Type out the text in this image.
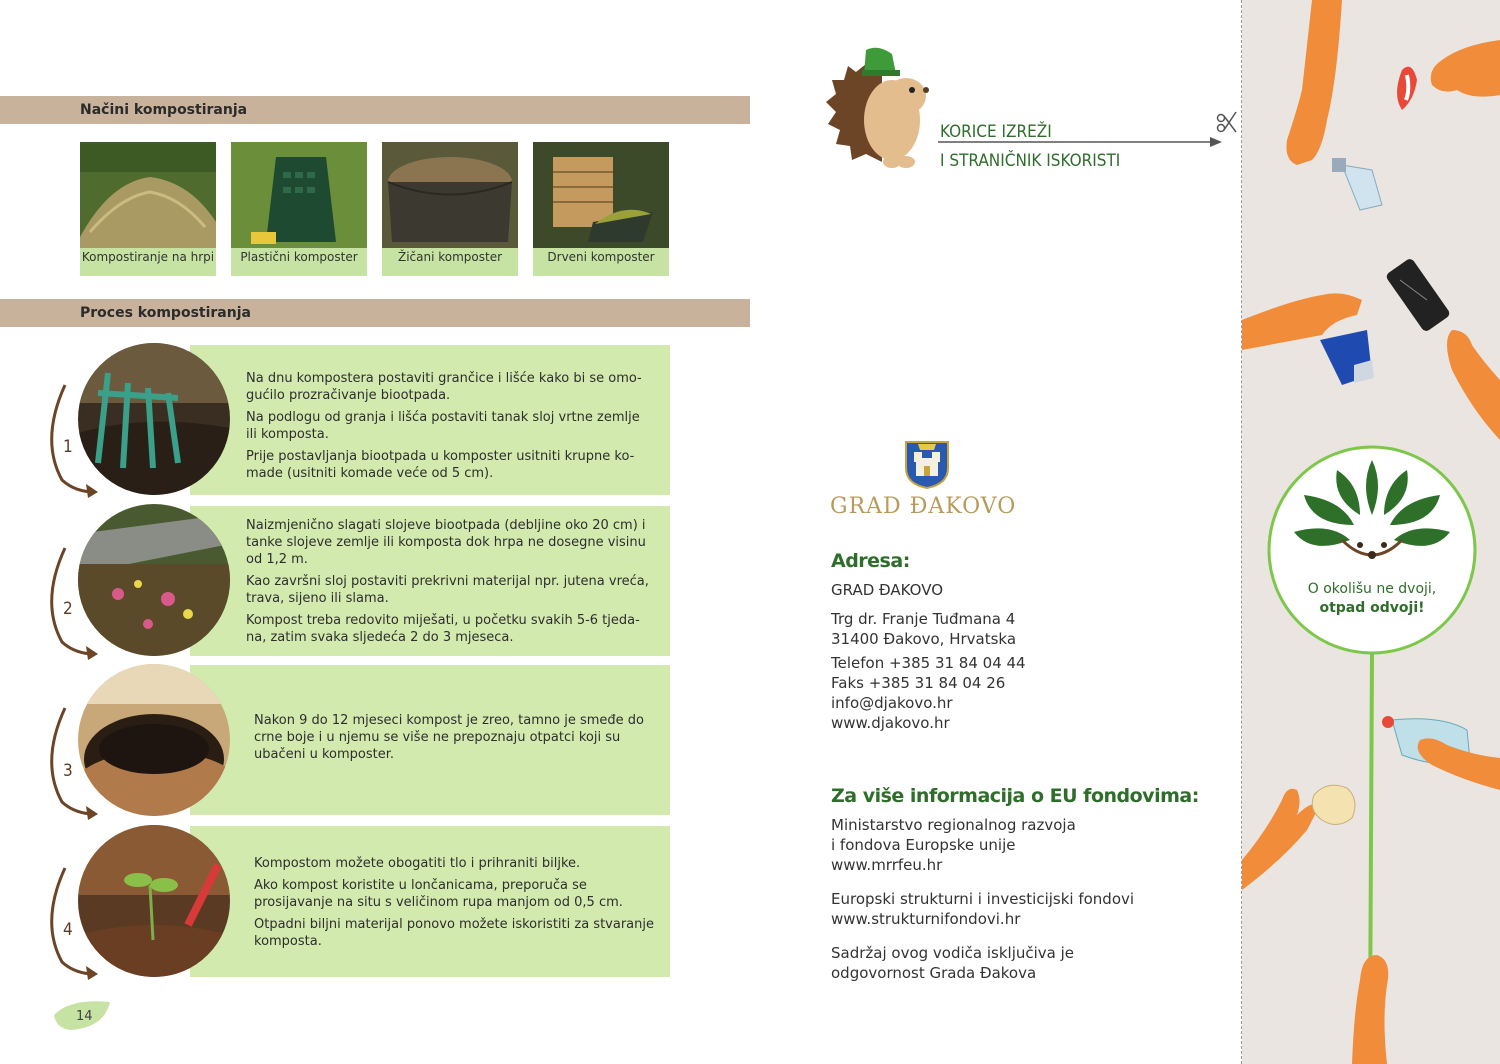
Načini kompostiranja
Kompostiranje na hrpi	Plastični komposter	Žičani komposter	Drveni komposter
Proces kompostiranja

Na dnu kompostera postaviti grančice i lišće kako bi se omo-gućilo prozračivanje biootpada.

Na podlogu od granja i lišća postaviti tanak sloj vrtne zemlje ili komposta.

Prije postavljanja biootpada u komposter usitniti krupne ko-made (usitniti komade veće od 5 cm).

Naizmjenično slagati slojeve biootpada (debljine oko 20 cm) i tanke slojeve zemlje ili komposta dok hrpa ne dosegne visinu od 1,2 m.

Kao završni sloj postaviti prekrivni materijal npr. jutena vreća, trava, sijeno ili slama.

Kompost treba redovito miješati, u početku svakih 5-6 tjeda-na, zatim svaka sljedeća 2 do 3 mjeseca.

Nakon 9 do 12 mjeseci kompost je zreo, tamno je smeđe do crne boje i u njemu se više ne prepoznaju otpatci koji su ubačeni u komposter.

Kompostom možete obogatiti tlo i prihraniti biljke.

Ako kompost koristite u lončanicama, preporuča se prosijavanje na situ s veličinom rupa manjom od 0,5 cm.

Otpadni biljni materijal ponovo možete iskoristiti za stvaranje komposta.

1
2
3
4
14
KORICE IZREŽI
I STRANIČNIK ISKORISTI
GRAD ĐAKOVO
Adresa:
GRAD ĐAKOVO
Trg dr. Franje Tuđmana 4
31400 Đakovo, Hrvatska
Telefon +385 31 84 04 44
Faks +385 31 84 04 26
info@djakovo.hr
www.djakovo.hr
Za više informacija o EU fondovima:
Ministarstvo regionalnog razvoja
i fondova Europske unije
www.mrrfeu.hr
Europski strukturni i investicijski fondovi
www.strukturnifondovi.hr
Sadržaj ovog vodiča isključiva je
odgovornost Grada Đakova
O okolišu ne dvoji,
otpad odvoji!
